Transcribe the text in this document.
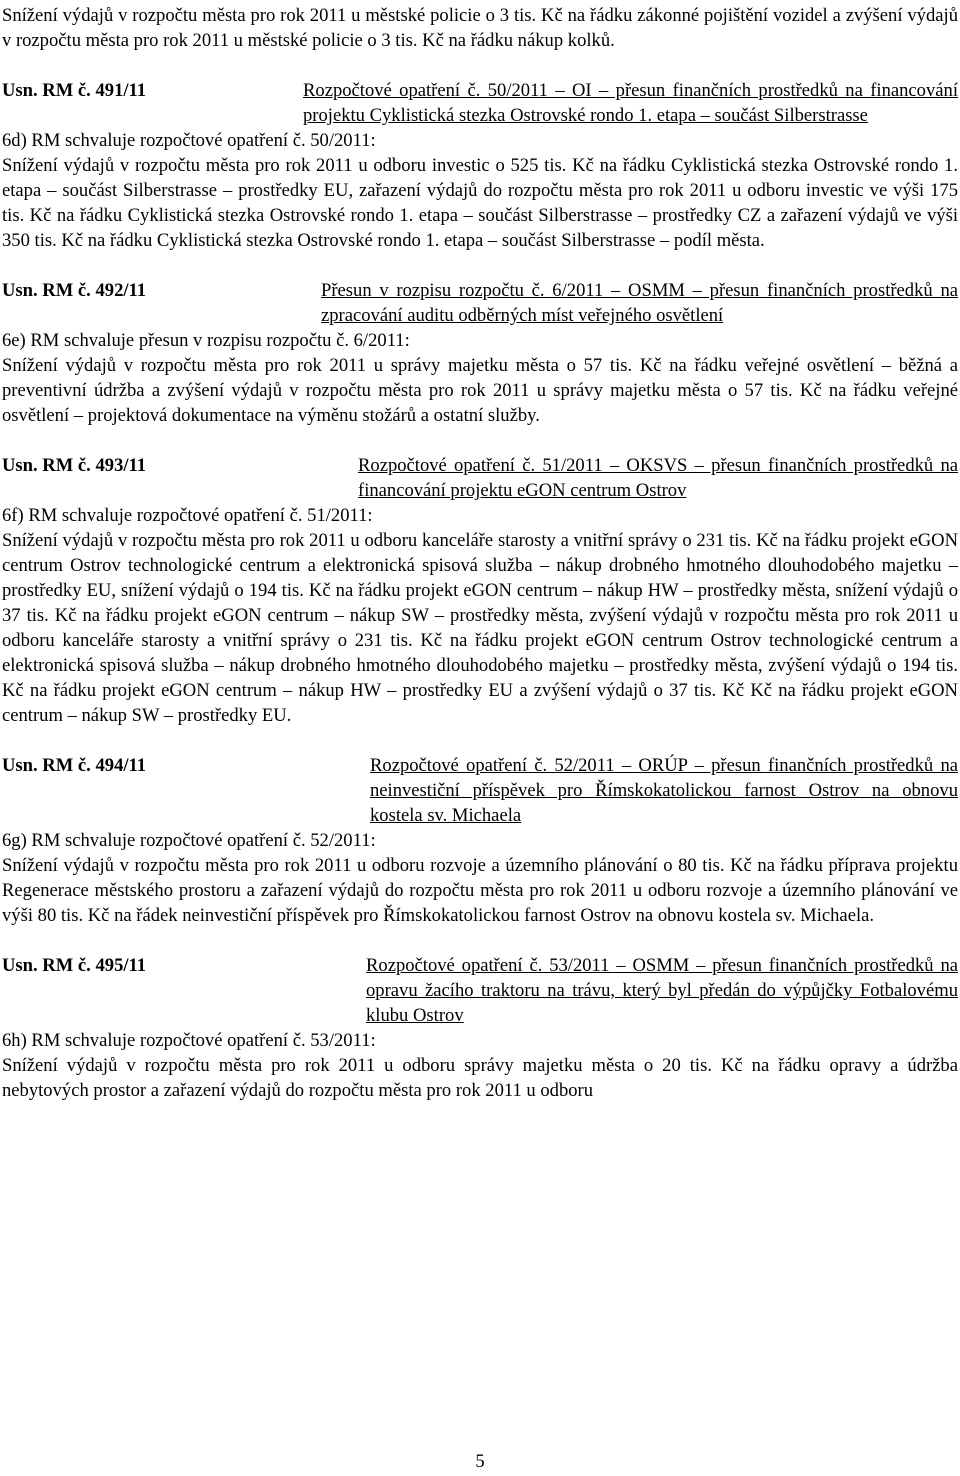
Snížení výdajů v rozpočtu města pro rok 2011 u městské policie o 3 tis. Kč na řádku zákonné pojištění vozidel a zvýšení výdajů v rozpočtu města pro rok 2011 u městské policie o 3 tis. Kč na řádku nákup kolků.

Usn. RM č. 491/11	Rozpočtové opatření č. 50/2011 – OI – přesun finančních prostředků na financování projektu Cyklistická stezka Ostrovské rondo 1. etapa – součást Silberstrasse
6d) RM schvaluje rozpočtové opatření č. 50/2011:

Snížení výdajů v rozpočtu města pro rok 2011 u odboru investic o 525 tis. Kč na řádku Cyklistická stezka Ostrovské rondo 1. etapa – součást Silberstrasse – prostředky EU, zařazení výdajů do rozpočtu města pro rok 2011 u odboru investic ve výši 175 tis. Kč na řádku Cyklistická stezka Ostrovské rondo 1. etapa – součást Silberstrasse – prostředky CZ a zařazení výdajů ve výši 350 tis. Kč na řádku Cyklistická stezka Ostrovské rondo 1. etapa – součást Silberstrasse – podíl města.

Usn. RM č. 492/11	Přesun v rozpisu rozpočtu č. 6/2011 – OSMM – přesun finančních prostředků na zpracování auditu odběrných míst veřejného osvětlení
6e) RM schvaluje přesun v rozpisu rozpočtu č. 6/2011:

Snížení výdajů v rozpočtu města pro rok 2011 u správy majetku města o 57 tis. Kč na řádku veřejné osvětlení – běžná a preventivní údržba a zvýšení výdajů v rozpočtu města pro rok 2011 u správy majetku města o 57 tis. Kč na řádku veřejné osvětlení – projektová dokumentace na výměnu stožárů a ostatní služby.

Usn. RM č. 493/11	Rozpočtové opatření č. 51/2011 – OKSVS – přesun finančních prostředků na financování projektu eGON centrum Ostrov
6f) RM schvaluje rozpočtové opatření č. 51/2011:

Snížení výdajů v rozpočtu města pro rok 2011 u odboru kanceláře starosty a vnitřní správy o 231 tis. Kč na řádku projekt eGON centrum Ostrov technologické centrum a elektronická spisová služba – nákup drobného hmotného dlouhodobého majetku – prostředky EU, snížení výdajů o 194 tis. Kč na řádku projekt eGON centrum – nákup HW – prostředky města, snížení výdajů o 37 tis. Kč na řádku projekt eGON centrum – nákup SW – prostředky města, zvýšení výdajů v rozpočtu města pro rok 2011 u odboru kanceláře starosty a vnitřní správy o 231 tis. Kč na řádku projekt eGON centrum Ostrov technologické centrum a elektronická spisová služba – nákup drobného hmotného dlouhodobého majetku – prostředky města, zvýšení výdajů o 194 tis. Kč na řádku projekt eGON centrum – nákup HW – prostředky EU a zvýšení výdajů o 37 tis. Kč Kč na řádku projekt eGON centrum – nákup SW – prostředky EU.

Usn. RM č. 494/11	Rozpočtové opatření č. 52/2011 – ORÚP – přesun finančních prostředků na neinvestiční příspěvek pro Římskokatolickou farnost Ostrov na obnovu kostela sv. Michaela
6g) RM schvaluje rozpočtové opatření č. 52/2011:

Snížení výdajů v rozpočtu města pro rok 2011 u odboru rozvoje a územního plánování o 80 tis. Kč na řádku příprava projektu Regenerace městského prostoru a zařazení výdajů do rozpočtu města pro rok 2011 u odboru rozvoje a územního plánování ve výši 80 tis. Kč na řádek neinvestiční příspěvek pro Římskokatolickou farnost Ostrov na obnovu kostela sv. Michaela.

Usn. RM č. 495/11	Rozpočtové opatření č. 53/2011 – OSMM – přesun finančních prostředků na opravu žacího traktoru na trávu, který byl předán do výpůjčky Fotbalovému klubu Ostrov
6h) RM schvaluje rozpočtové opatření č. 53/2011:

Snížení výdajů v rozpočtu města pro rok 2011 u odboru správy majetku města o 20 tis. Kč na řádku opravy a údržba nebytových prostor a zařazení výdajů do rozpočtu města pro rok 2011 u odboru

5
